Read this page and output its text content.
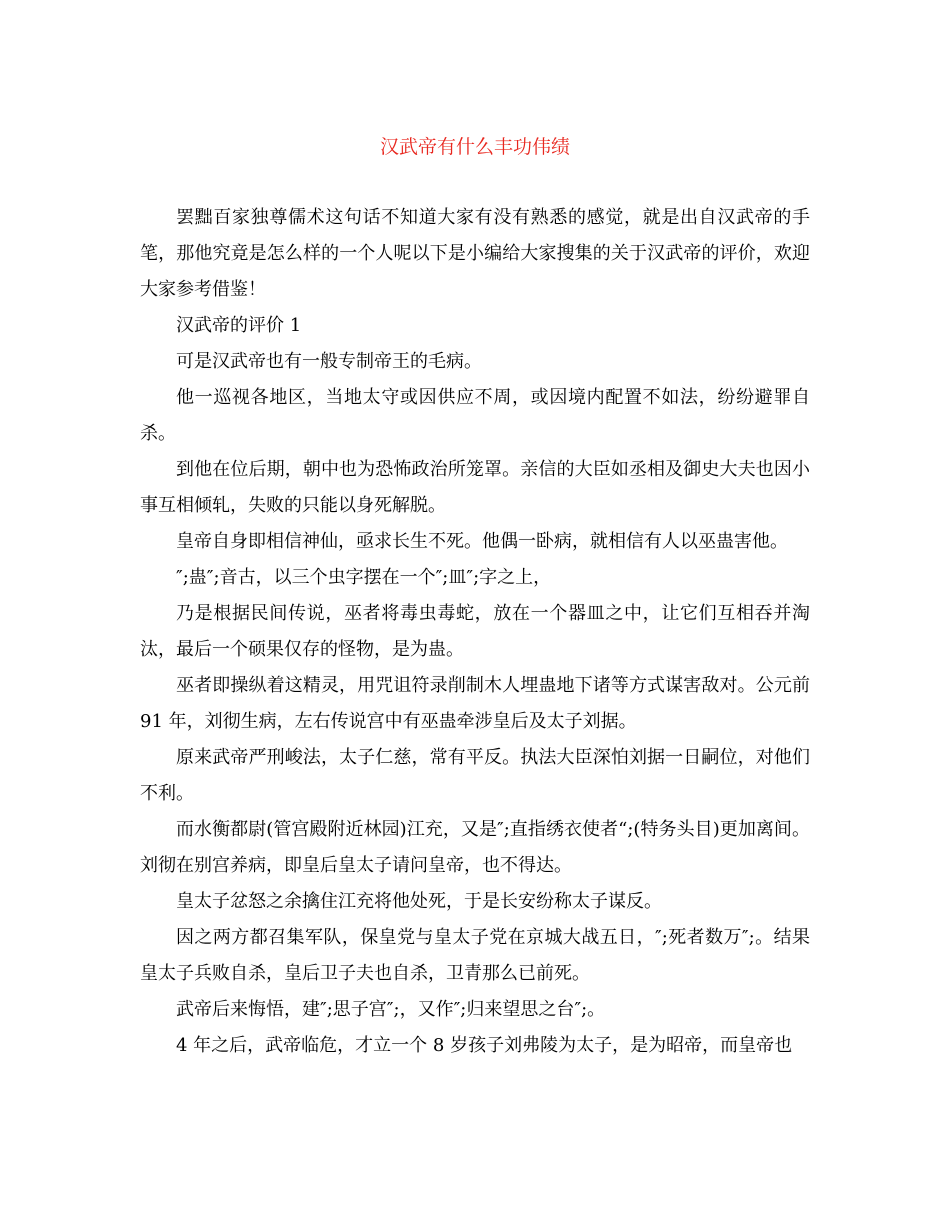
汉武帝有什么丰功伟绩

罢黜百家独尊儒术这句话不知道大家有没有熟悉的感觉，就是出自汉武帝的手笔，那他究竟是怎么样的一个人呢以下是小编给大家搜集的关于汉武帝的评价，欢迎大家参考借鉴！

汉武帝的评价 1

可是汉武帝也有一般专制帝王的毛病。

他一巡视各地区，当地太守或因供应不周，或因境内配置不如法，纷纷避罪自杀。

到他在位后期，朝中也为恐怖政治所笼罩。亲信的大臣如丞相及御史大夫也因小事互相倾轧，失败的只能以身死解脱。

皇帝自身即相信神仙，亟求长生不死。他偶一卧病，就相信有人以巫蛊害他。

″;蛊″;音古，以三个虫字摆在一个″;皿″;字之上，

乃是根据民间传说，巫者将毒虫毒蛇，放在一个器皿之中，让它们互相吞并淘汰，最后一个硕果仅存的怪物，是为蛊。

巫者即操纵着这精灵，用咒诅符录削制木人埋蛊地下诸等方式谋害敌对。公元前 91 年，刘彻生病，左右传说宫中有巫蛊牵涉皇后及太子刘据。

原来武帝严刑峻法，太子仁慈，常有平反。执法大臣深怕刘据一日嗣位，对他们不利。

而水衡都尉(管宫殿附近林园)江充，又是″;直指绣衣使者“;(特务头目)更加离间。刘彻在别宫养病，即皇后皇太子请问皇帝，也不得达。

皇太子忿怒之余擒住江充将他处死，于是长安纷称太子谋反。

因之两方都召集军队，保皇党与皇太子党在京城大战五日，″;死者数万″;。结果皇太子兵败自杀，皇后卫子夫也自杀，卫青那么已前死。

武帝后来悔悟，建″;思子宫″;，又作″;归来望思之台″;。

4 年之后，武帝临危，才立一个 8 岁孩子刘弗陵为太子，是为昭帝，而皇帝也
